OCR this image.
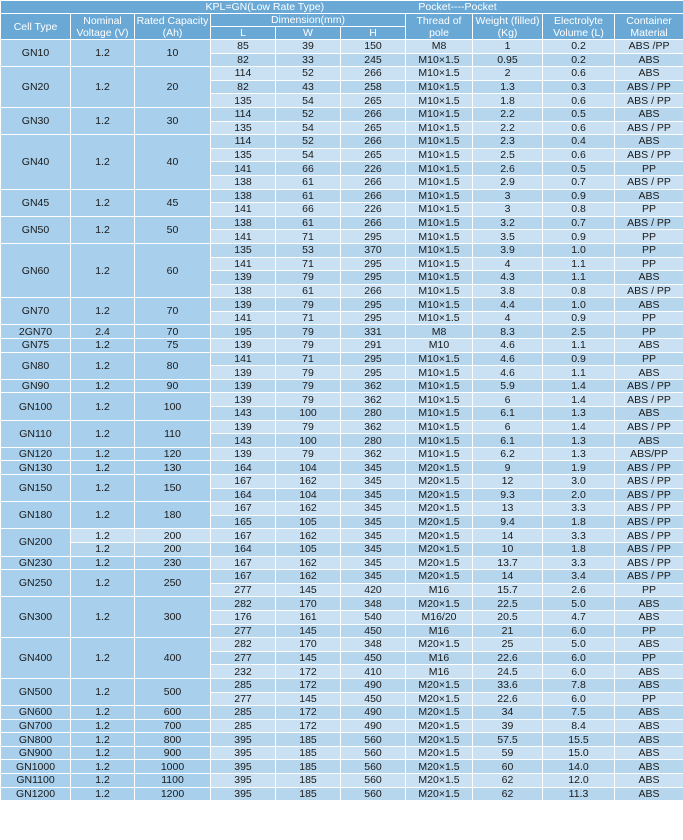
KPL=GN(Low Rate Type) Pocket----Pocket									
Cell Type	Nominal Voltage (V)	Rated Capacity (Ah)	Dimension(mm)			Thread of pole	Weight (filled) (Kg)	Electrolyte Volume (L)	Container Material
			L	W	H				
GN10	1.2	10	85	39	150	M8	1	0.2	ABS /PP
			82	33	245	M10×1.5	0.95	0.2	ABS
GN20	1.2	20	114	52	266	M10×1.5	2	0.6	ABS
			82	43	258	M10×1.5	1.3	0.3	ABS / PP
			135	54	265	M10×1.5	1.8	0.6	ABS / PP
GN30	1.2	30	114	52	266	M10×1.5	2.2	0.5	ABS
			135	54	265	M10×1.5	2.2	0.6	ABS / PP
GN40	1.2	40	114	52	266	M10×1.5	2.3	0.4	ABS
			135	54	265	M10×1.5	2.5	0.6	ABS / PP
			141	66	226	M10×1.5	2.6	0.5	PP
			138	61	266	M10×1.5	2.9	0.7	ABS / PP
GN45	1.2	45	138	61	266	M10×1.5	3	0.9	ABS
			141	66	226	M10×1.5	3	0.8	PP
GN50	1.2	50	138	61	266	M10×1.5	3.2	0.7	ABS / PP
			141	71	295	M10×1.5	3.5	0.9	PP
GN60	1.2	60	135	53	370	M10×1.5	3.9	1.0	PP
			141	71	295	M10×1.5	4	1.1	PP
			139	79	295	M10×1.5	4.3	1.1	ABS
			138	61	266	M10×1.5	3.8	0.8	ABS / PP
GN70	1.2	70	139	79	295	M10×1.5	4.4	1.0	ABS
			141	71	295	M10×1.5	4	0.9	PP
2GN70	2.4	70	195	79	331	M8	8.3	2.5	PP
GN75	1.2	75	139	79	291	M10	4.6	1.1	ABS
GN80	1.2	80	141	71	295	M10×1.5	4.6	0.9	PP
			139	79	295	M10×1.5	4.6	1.1	ABS
GN90	1.2	90	139	79	362	M10×1.5	5.9	1.4	ABS / PP
GN100	1.2	100	139	79	362	M10×1.5	6	1.4	ABS / PP
			143	100	280	M10×1.5	6.1	1.3	ABS
GN110	1.2	110	139	79	362	M10×1.5	6	1.4	ABS / PP
			143	100	280	M10×1.5	6.1	1.3	ABS
GN120	1.2	120	139	79	362	M10×1.5	6.2	1.3	ABS/PP
GN130	1.2	130	164	104	345	M20×1.5	9	1.9	ABS / PP
GN150	1.2	150	167	162	345	M20×1.5	12	3.0	ABS / PP
			164	104	345	M20×1.5	9.3	2.0	ABS / PP
GN180	1.2	180	167	162	345	M20×1.5	13	3.3	ABS / PP
			165	105	345	M20×1.5	9.4	1.8	ABS / PP
GN200	1.2	200	167	162	345	M20×1.5	14	3.3	ABS / PP
	1.2	200	164	105	345	M20×1.5	10	1.8	ABS / PP
GN230	1.2	230	167	162	345	M20×1.5	13.7	3.3	ABS / PP
GN250	1.2	250	167	162	345	M20×1.5	14	3.4	ABS / PP
			277	145	420	M16	15.7	2.6	PP
GN300	1.2	300	282	170	348	M20×1.5	22.5	5.0	ABS
			176	161	540	M16/20	20.5	4.7	ABS
			277	145	450	M16	21	6.0	PP
GN400	1.2	400	282	170	348	M20×1.5	25	5.0	ABS
			277	145	450	M16	22.6	6.0	PP
			232	172	410	M16	24.5	6.0	ABS
GN500	1.2	500	285	172	490	M20×1.5	33.6	7.8	ABS
			277	145	450	M20×1.5	22.6	6.0	PP
GN600	1.2	600	285	172	490	M20×1.5	34	7.5	ABS
GN700	1.2	700	285	172	490	M20×1.5	39	8.4	ABS
GN800	1.2	800	395	185	560	M20×1.5	57.5	15.5	ABS
GN900	1.2	900	395	185	560	M20×1.5	59	15.0	ABS
GN1000	1.2	1000	395	185	560	M20×1.5	60	14.0	ABS
GN1100	1.2	1100	395	185	560	M20×1.5	62	12.0	ABS
GN1200	1.2	1200	395	185	560	M20×1.5	62	11.3	ABS
